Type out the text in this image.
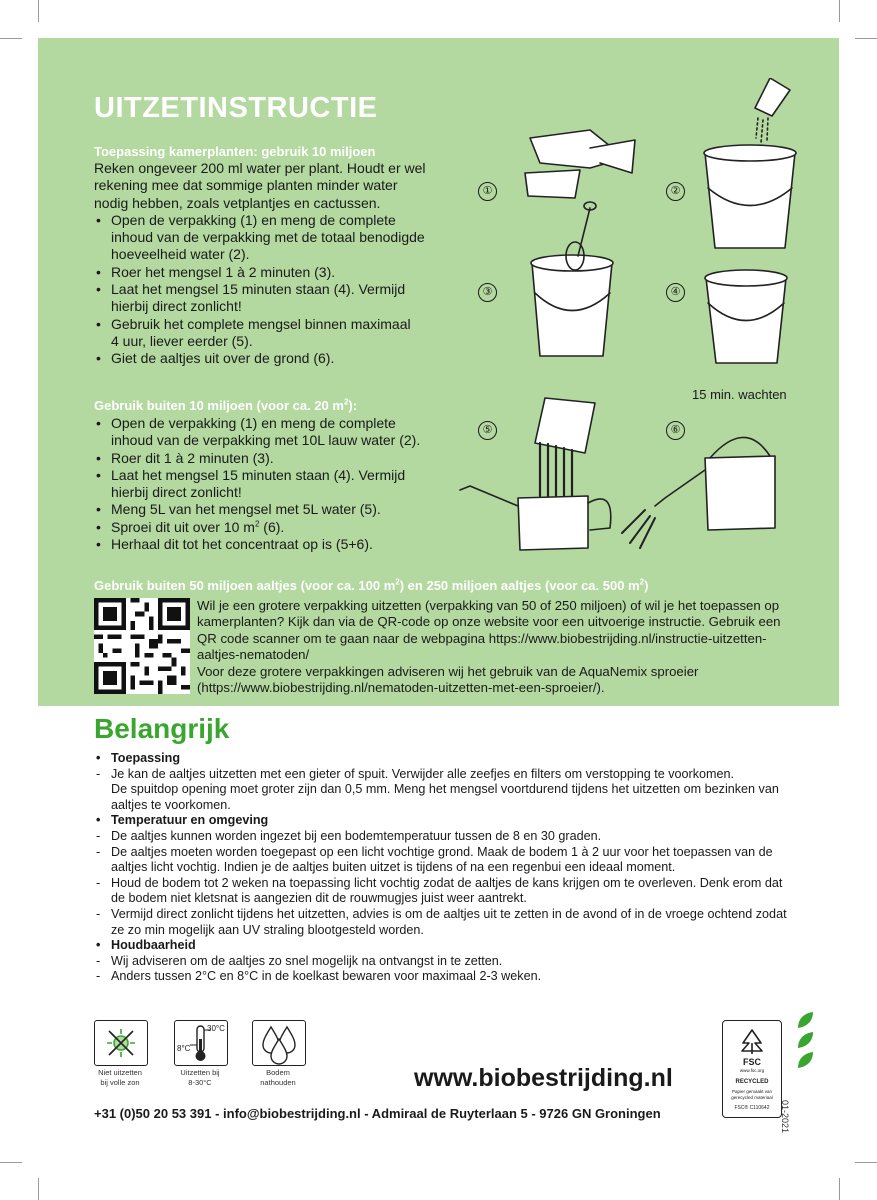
UITZETINSTRUCTIE

Toepassing kamerplanten: gebruik 10 miljoen

Reken ongeveer 200 ml water per plant. Houdt er wel

rekening mee dat sommige planten minder water

nodig hebben, zoals vetplantjes en cactussen.

• Open de verpakking (1) en meng de complete
inhoud van de verpakking met de totaal benodigde
hoeveelheid water (2).
• Roer het mengsel 1 à 2 minuten (3).
• Laat het mengsel 15 minuten staan (4). Vermijd
hierbij direct zonlicht!
• Gebruik het complete mengsel binnen maximaal
4 uur, liever eerder (5).
• Giet de aaltjes uit over de grond (6).

Gebruik buiten 10 miljoen (voor ca. 20 $m^2$):

• Open de verpakking (1) en meng de complete
inhoud van de verpakking met 10L lauw water (2).
• Roer dit 1 à 2 minuten (3).
• Laat het mengsel 15 minuten staan (4). Vermijd
hierbij direct zonlicht!
• Meng 5L van het mengsel met 5L water (5).
• Sproei dit uit over 10 $m^2$ (6).
• Herhaal dit tot het concentraat op is (5+6).
①	②
③	④
⑤	⑥
15 min. wachten

Gebruik buiten 50 miljoen aaltjes (voor ca. 100 $m^2$) en 250 miljoen aaltjes (voor ca. 500 $m^2$)

Wil je een grotere verpakking uitzetten (verpakking van 50 of 250 miljoen) of wil je het toepassen op

kamerplanten? Kijk dan via de QR-code op onze website voor een uitvoerige instructie. Gebruik een

QR code scanner om te gaan naar de webpagina https://www.biobestrijding.nl/instructie-uitzetten-

aaltjes-nematoden/

Voor deze grotere verpakkingen adviseren wij het gebruik van de AquaNemix sproeier

(https://www.biobestrijding.nl/nematoden-uitzetten-met-een-sproeier/).

Belangrijk
• Toepassing
- Je kan de aaltjes uitzetten met een gieter of spuit. Verwijder alle zeefjes en filters om verstopping te voorkomen.
De spuitdop opening moet groter zijn dan 0,5 mm. Meng het mengsel voortdurend tijdens het uitzetten om bezinken van
aaltjes te voorkomen.
• Temperatuur en omgeving
- De aaltjes kunnen worden ingezet bij een bodemtemperatuur tussen de 8 en 30 graden.
- De aaltjes moeten worden toegepast op een licht vochtige grond. Maak de bodem 1 à 2 uur voor het toepassen van de
aaltjes licht vochtig. Indien je de aaltjes buiten uitzet is tijdens of na een regenbui een ideaal moment.
- Houd de bodem tot 2 weken na toepassing licht vochtig zodat de aaltjes de kans krijgen om te overleven. Denk erom dat
de bodem niet kletsnat is aangezien dit de rouwmugjes juist weer aantrekt.
- Vermijd direct zonlicht tijdens het uitzetten, advies is om de aaltjes uit te zetten in de avond of in de vroege ochtend zodat
ze zo min mogelijk aan UV straling blootgesteld worden.
• Houdbaarheid
- Wij adviseren om de aaltjes zo snel mogelijk na ontvangst in te zetten.
- Anders tussen 2°C en 8°C in de koelkast bewaren voor maximaal 2-3 weken.
Niet uitzetten
bij volle zon
30°C
8°C
Uitzetten bij
8-30°C
Bodem
nathouden	www.biobestrijding.nl
+31 (0)50 20 53 391 - info@biobestrijding.nl - Admiraal de Ruyterlaan 5 - 9726 GN Groningen
FSC
www.fsc.org
RECYCLED
Papier gemaakt van
gerecycled materiaal
FSC® C110642	01-2021
